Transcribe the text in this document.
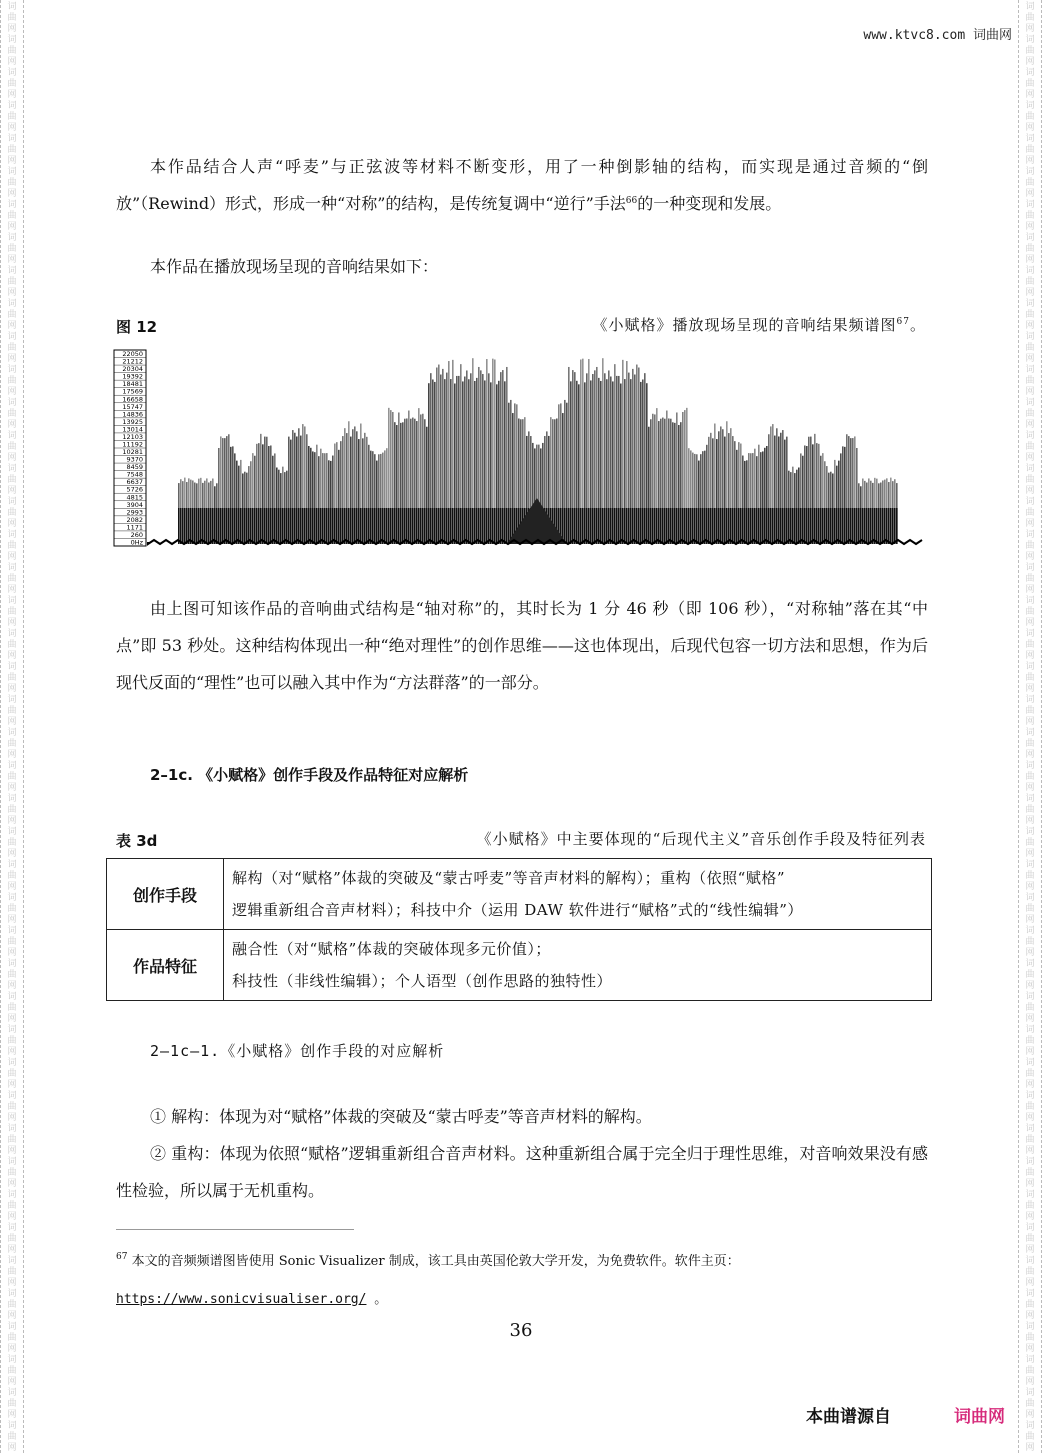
词
曲
网
词
曲
网
词
曲
网
词
曲
网
词
曲
网
词
曲
网
词
曲
网
词
曲
网
词
曲
网
词
曲
网
词
曲
网
词
曲
网
词
曲
网
词
曲
网
词
曲
网
词
曲
网
词
曲
网
词
曲
网
词
曲
网
词
曲
网
词
曲
网
词
曲
网
词
曲
网
词
曲
网
词
曲
网
词
曲
网
词
曲
网
词
曲
网
词
曲
网
词
曲
网
词
曲
网
词
曲
网
词
曲
网
词
曲
网
词
曲
网
词
曲
网
词
曲
网
词
曲
网
词
曲
网
词
曲
网
词
曲
网
词
曲
网
词
曲
网
词
曲
网
词
曲
网
词
曲
网
词
曲
网
词
曲
网
词
曲
网
词
曲
网
词
曲
网
词
曲
网
词
曲
网
词
曲
网
词
曲
网
词
曲
网
词
曲
网
词
曲
网
词
曲
网
词
曲
网
词
曲
网
词
曲
网
词
曲
网
词
曲
网
词
曲
网
词
曲
网
词
曲
网
词
曲
网
词
曲
网
词
曲
网
词
曲
网
词
曲
网
词
曲
网
词
曲
网
词
曲
网
词
曲
网
词
曲
网
词
曲
网
词
曲
网
词
曲
网
词
曲
网
词
曲
网
词
曲
网
词
曲
网
词
曲
网
词
曲
网
词
曲
网
词
曲
网
www.ktvc8.com 词曲网

本作品结合人声“呼麦”与正弦波等材料不断变形，用了一种倒影轴的结构，而实现是通过音频的“倒放”（Rewind）形式，形成一种“对称”的结构，是传统复调中“逆行”手法$^{66}$的一种变现和发展。

本作品在播放现场呈现的音响结果如下：

图 12	《小赋格》播放现场呈现的音响结果频谱图$^{67}$。
22050
21212
20304
19392
18481
17569
16658
15747
14836
13925
13014
12103
11192
10281
9370
8459
7548
6637
5726
4815
3904
2993
2082
1171
260
0Hz

由上图可知该作品的音响曲式结构是“轴对称”的，其时长为 1 分 46 秒（即 106 秒），“对称轴”落在其“中点”即 53 秒处。这种结构体现出一种“绝对理性”的创作思维——这也体现出，后现代包容一切方法和思想，作为后现代反面的“理性”也可以融入其中作为“方法群落”的一部分。

2–1c. 《小赋格》创作手段及作品特征对应解析
表 3d	《小赋格》中主要体现的“后现代主义”音乐创作手段及特征列表
创作手段	解构（对“赋格”体裁的突破及“蒙古呼麦”等音声材料的解构）；重构（依照“赋格”
逻辑重新组合音声材料）；科技中介（运用 DAW 软件进行“赋格”式的“线性编辑”）

作品特征	融合性（对“赋格”体裁的突破体现多元价值）；
科技性（非线性编辑）；个人语型（创作思路的独特性）
2–1c–1.《小赋格》创作手段的对应解析

① 解构：体现为对“赋格”体裁的突破及“蒙古呼麦”等音声材料的解构。

② 重构：体现为依照“赋格”逻辑重新组合音声材料。这种重新组合属于完全归于理性思维，对音响效果没有感性检验，所以属于无机重构。

$^{67}$ 本文的音频频谱图皆使用 Sonic Visualizer 制成，该工具由英国伦敦大学开发，为免费软件。软件主页：
https://www.sonicvisualiser.org/ 。
36
本曲谱源自	词曲网
